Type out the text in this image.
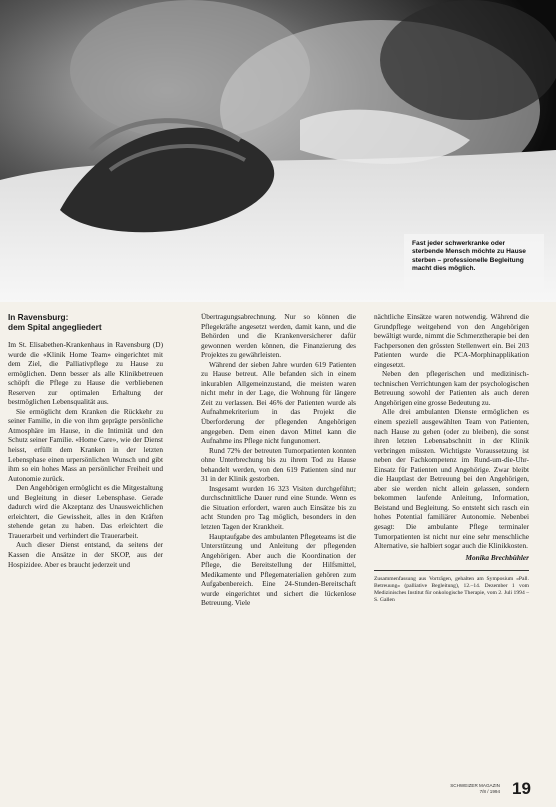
Fast jeder schwerkranke oder sterbende Mensch möchte zu Hause sterben – professionelle Begleitung macht dies möglich.
In Ravensburg:
dem Spital angegliedert

Im St. Elisabethen-Krankenhaus in Ravensburg (D) wurde die «Klinik Home Team» eingerichtet mit dem Ziel, die Palliativpflege zu Hause zu ermöglichen. Denn besser als alle Klinikbetreuen schöpft die Pflege zu Hause die verbliebenen Reserven zur optimalen Erhaltung der bestmöglichen Lebensqualität aus.

Sie ermöglicht dem Kranken die Rückkehr zu seiner Familie, in die von ihm geprägte persönliche Atmosphäre im Hause, in die Intimität und den Schutz seiner Familie. «Home Care», wie der Dienst heisst, erfüllt dem Kranken in der letzten Lebensphase einen urpersönlichen Wunsch und gibt ihm so ein hohes Mass an persönlicher Freiheit und Autonomie zurück.

Den Angehörigen ermöglicht es die Mitgestaltung und Begleitung in dieser Lebensphase. Gerade dadurch wird die Akzeptanz des Unausweichlichen erleichtert, die Gewissheit, alles in den Kräften stehende getan zu haben. Das erleichtert die Trauerarbeit und verhindert die Trauerarbeit.

Auch dieser Dienst entstand, da seitens der Kassen die Ansätze in der SKOP, aus der Hospizidee. Aber es braucht jederzeit und

Übertragungsabrechnung. Nur so können die Pflegekräfte angesetzt werden, damit kann, und die Behörden und die Krankenversicherer dafür gewonnen werden können, die Finanzierung des Projektes zu gewährleisten.

Während der sieben Jahre wurden 619 Patienten zu Hause betreut. Alle befanden sich in einem inkurablen Allgemeinzustand, die meisten waren nicht mehr in der Lage, die Wohnung für längere Zeit zu verlassen. Bei 46% der Patienten wurde als Aufnahmekriterium in das Projekt die Überforderung der pflegenden Angehörigen angegeben. Dem einen davon Mittel kann die Aufnahme ins Pflege nicht fungunomert.

Rund 72% der betreuten Tumorpatienten konnten ohne Unterbrechung bis zu ihrem Tod zu Hause behandelt werden, von den 619 Patienten sind nur 31 in der Klinik gestorben.

Insgesamt wurden 16 323 Visiten durchgeführt; durchschnittliche Dauer rund eine Stunde. Wenn es die Situation erfordert, waren auch Einsätze bis zu acht Stunden pro Tag möglich, besonders in den letzten Tagen der Krankheit.

Hauptaufgabe des ambulanten Pflegeteams ist die Unterstützung und Anleitung der pflegenden Angehörigen. Aber auch die Koordination der Pflege, die Bereitstellung der Hilfsmittel, Medikamente und Pflegematerialien gehören zum Aufgabenbereich. Eine 24-Stunden-Bereitschaft wurde eingerichtet und sichert die lückenlose Betreuung. Viele

nächtliche Einsätze waren notwendig. Während die Grundpflege weitgehend von den Angehörigen bewältigt wurde, nimmt die Schmerztherapie bei den Fachpersonen den grössten Stellenwert ein. Bei 203 Patienten wurde die PCA-Morphinapplikation eingesetzt.

Neben den pflegerischen und medizinisch-technischen Verrichtungen kam der psychologischen Betreuung sowohl der Patienten als auch deren Angehörigen eine grosse Bedeutung zu.

Alle drei ambulanten Dienste ermöglichen es einem speziell ausgewählten Team von Patienten, nach Hause zu gehen (oder zu bleiben), die sonst ihren letzten Lebensabschnitt in der Klinik verbringen müssten. Wichtigste Voraussetzung ist neben der Fachkompetenz im Rund-um-die-Uhr-Einsatz für Patienten und Angehörige. Zwar bleibt die Hauptlast der Betreuung bei den Angehörigen, aber sie werden nicht allein gelassen, sondern bekommen laufende Anleitung, Information, Beistand und Begleitung. So entsteht sich rasch ein hohes Potential familiärer Autonomie. Nebenbei gesagt: Die ambulante Pflege terminaler Tumorpatienten ist nicht nur eine sehr menschliche Alternative, sie halbiert sogar auch die Klinikkosten.

Monika Brechbühler
Zusammenfassung aus Vorträgen, gehalten am Symposium «Pall. Betreuung» (palliative Begleitung), 12.–14. Dezember 1 vom Medizinisches Institut für onkologische Therapie, vom 2. Juli 1994 – S. Gallen
SCHWEIZER MAGAZIN
7/8 / 1994 19
